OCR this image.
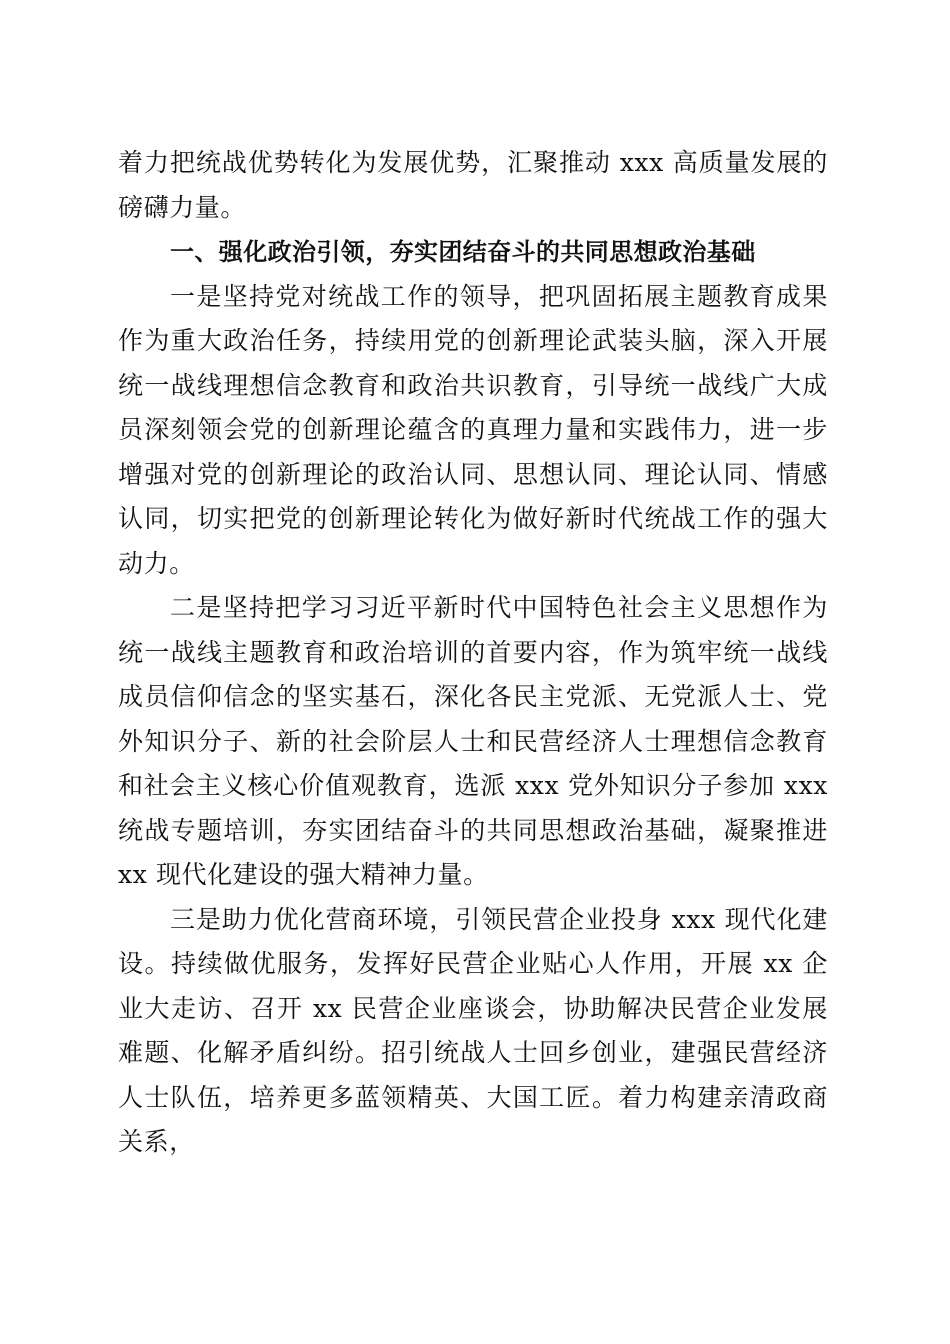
着力把统战优势转化为发展优势，汇聚推动 xxx 高质量发展的磅礴力量。

一、强化政治引领，夯实团结奋斗的共同思想政治基础

一是坚持党对统战工作的领导，把巩固拓展主题教育成果作为重大政治任务，持续用党的创新理论武装头脑，深入开展统一战线理想信念教育和政治共识教育，引导统一战线广大成员深刻领会党的创新理论蕴含的真理力量和实践伟力，进一步增强对党的创新理论的政治认同、思想认同、理论认同、情感认同，切实把党的创新理论转化为做好新时代统战工作的强大动力。

二是坚持把学习习近平新时代中国特色社会主义思想作为统一战线主题教育和政治培训的首要内容，作为筑牢统一战线成员信仰信念的坚实基石，深化各民主党派、无党派人士、党外知识分子、新的社会阶层人士和民营经济人士理想信念教育和社会主义核心价值观教育，选派 xxx 党外知识分子参加 xxx 统战专题培训，夯实团结奋斗的共同思想政治基础，凝聚推进 xx 现代化建设的强大精神力量。

三是助力优化营商环境，引领民营企业投身 xxx 现代化建设。持续做优服务，发挥好民营企业贴心人作用，开展 xx 企业大走访、召开 xx 民营企业座谈会，协助解决民营企业发展难题、化解矛盾纠纷。招引统战人士回乡创业，建强民营经济人士队伍，培养更多蓝领精英、大国工匠。着力构建亲清政商关系，
